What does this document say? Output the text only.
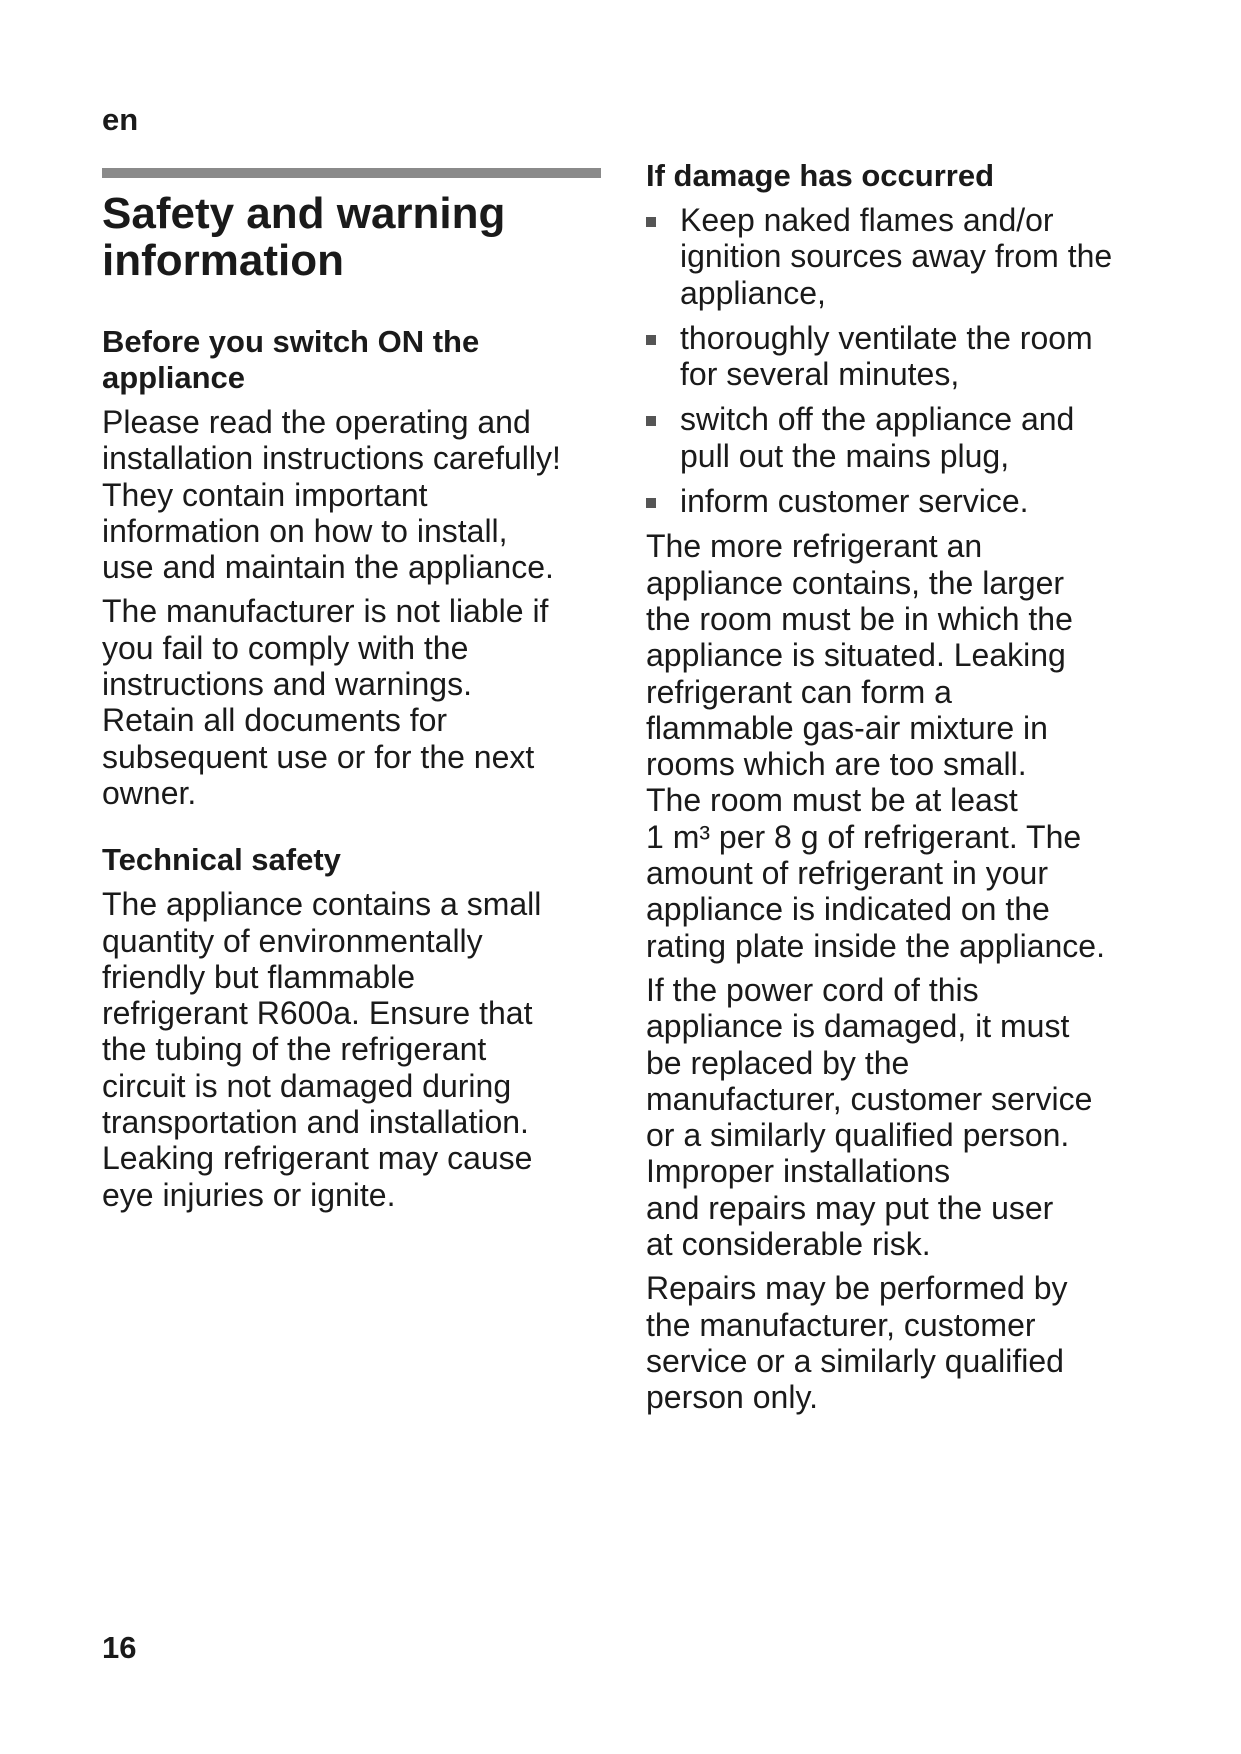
en
Safety and warning
information
Before you switch ON the
appliance
Please read the operating and
installation instructions carefully!
They contain important
information on how to install,
use and maintain the appliance.
The manufacturer is not liable if
you fail to comply with the
instructions and warnings.
Retain all documents for
subsequent use or for the next
owner.
Technical safety
The appliance contains a small
quantity of environmentally
friendly but flammable
refrigerant R600a. Ensure that
the tubing of the refrigerant
circuit is not damaged during
transportation and installation.
Leaking refrigerant may cause
eye injuries or ignite.
If damage has occurred
Keep naked flames and/or
ignition sources away from the
appliance,
thoroughly ventilate the room
for several minutes,
switch off the appliance and
pull out the mains plug,
inform customer service.
The more refrigerant an
appliance contains, the larger
the room must be in which the
appliance is situated. Leaking
refrigerant can form a
flammable gas-air mixture in
rooms which are too small.
The room must be at least
1 m³ per 8 g of refrigerant. The
amount of refrigerant in your
appliance is indicated on the
rating plate inside the appliance.
If the power cord of this
appliance is damaged, it must
be replaced by the
manufacturer, customer service
or a similarly qualified person.
Improper installations
and repairs may put the user
at considerable risk.
Repairs may be performed by
the manufacturer, customer
service or a similarly qualified
person only.
16
